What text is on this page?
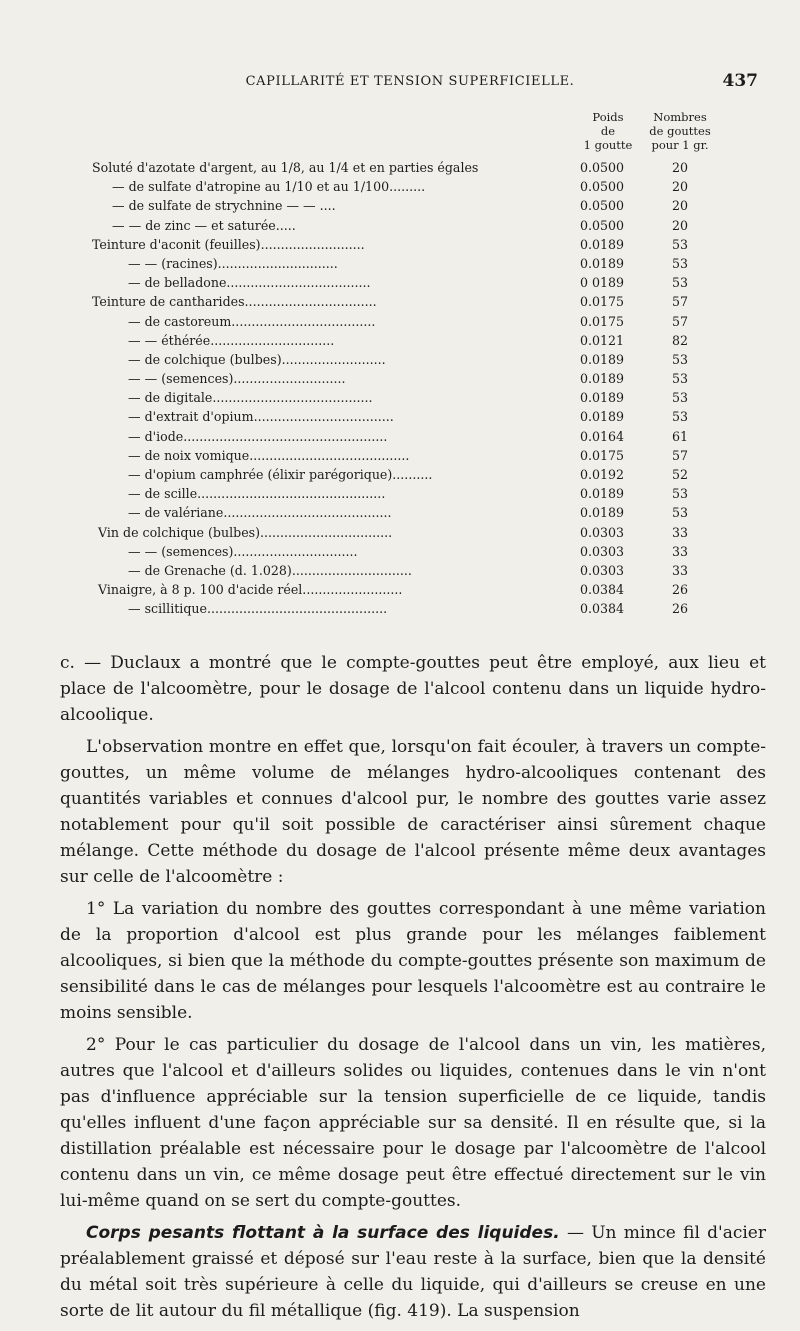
CAPILLARITÉ ET TENSION SUPERFICIELLE.	437
Poids
de
1 goutte
Nombres
de gouttes
pour 1 gr.
Soluté d'azotate d'argent, au 1/8, au 1/4 et en parties égales	0.0500	20
— de sulfate d'atropine au 1/10 et au 1/100.........	0.0500	20
— de sulfate de strychnine — — ....	0.0500	20
— — de zinc — et saturée.....	0.0500	20
Teinture d'aconit (feuilles)..........................	0.0189	53
— — (racines)..............................	0.0189	53
— de belladone....................................	0 0189	53
Teinture de cantharides.................................	0.0175	57
— de castoreum....................................	0.0175	57
— — éthérée...............................	0.0121	82
— de colchique (bulbes)..........................	0.0189	53
— — (semences)............................	0.0189	53
— de digitale........................................	0.0189	53
— d'extrait d'opium...................................	0.0189	53
— d'iode...................................................	0.0164	61
— de noix vomique........................................	0.0175	57
— d'opium camphrée (élixir parégorique)..........	0.0192	52
— de scille...............................................	0.0189	53
— de valériane..........................................	0.0189	53
Vin de colchique (bulbes).................................	0.0303	33
— — (semences)...............................	0.0303	33
— de Grenache (d. 1.028)..............................	0.0303	33
Vinaigre, à 8 p. 100 d'acide réel.........................	0.0384	26
— scillitique.............................................	0.0384	26

c. — Duclaux a montré que le compte-gouttes peut être employé, aux lieu et place de l'alcoomètre, pour le dosage de l'alcool contenu dans un liquide hydro-alcoolique.

L'observation montre en effet que, lorsqu'on fait écouler, à travers un compte-gouttes, un même volume de mélanges hydro-alcooliques contenant des quantités variables et connues d'alcool pur, le nombre des gouttes varie assez notablement pour qu'il soit possible de caractériser ainsi sûrement chaque mélange. Cette méthode du dosage de l'alcool présente même deux avantages sur celle de l'alcoomètre :

1° La variation du nombre des gouttes correspondant à une même variation de la proportion d'alcool est plus grande pour les mélanges faiblement alcooliques, si bien que la méthode du compte-gouttes présente son maximum de sensibilité dans le cas de mélanges pour lesquels l'alcoomètre est au contraire le moins sensible.

2° Pour le cas particulier du dosage de l'alcool dans un vin, les matières, autres que l'alcool et d'ailleurs solides ou liquides, contenues dans le vin n'ont pas d'influence appréciable sur la tension superficielle de ce liquide, tandis qu'elles influent d'une façon appréciable sur sa densité. Il en résulte que, si la distillation préalable est nécessaire pour le dosage par l'alcoomètre de l'alcool contenu dans un vin, ce même dosage peut être effectué directement sur le vin lui-même quand on se sert du compte-gouttes.

Corps pesants flottant à la surface des liquides. — Un mince fil d'acier préalablement graissé et déposé sur l'eau reste à la surface, bien que la densité du métal soit très supérieure à celle du liquide, qui d'ailleurs se creuse en une sorte de lit autour du fil métallique (fig. 419). La suspension
